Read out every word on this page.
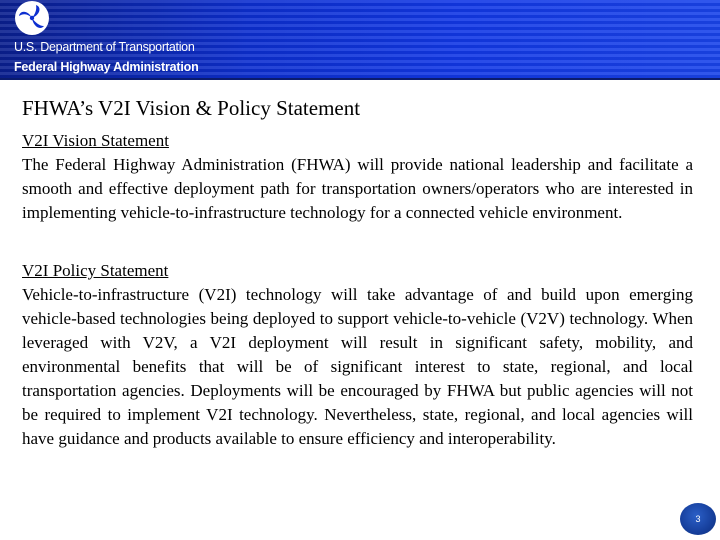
U.S. Department of Transportation
Federal Highway Administration
FHWA’s V2I Vision & Policy Statement

V2I Vision Statement

The Federal Highway Administration (FHWA) will provide national leadership and facilitate a smooth and effective deployment path for transportation owners/operators who are interested in implementing vehicle-to-infrastructure technology for a connected vehicle environment.

V2I Policy Statement

Vehicle-to-infrastructure (V2I) technology will take advantage of and build upon emerging vehicle-based technologies being deployed to support vehicle-to-vehicle (V2V) technology. When leveraged with V2V, a V2I deployment will result in significant safety, mobility, and environmental benefits that will be of significant interest to state, regional, and local transportation agencies. Deployments will be encouraged by FHWA but public agencies will not be required to implement V2I technology. Nevertheless, state, regional, and local agencies will have guidance and products available to ensure efficiency and interoperability.

3
